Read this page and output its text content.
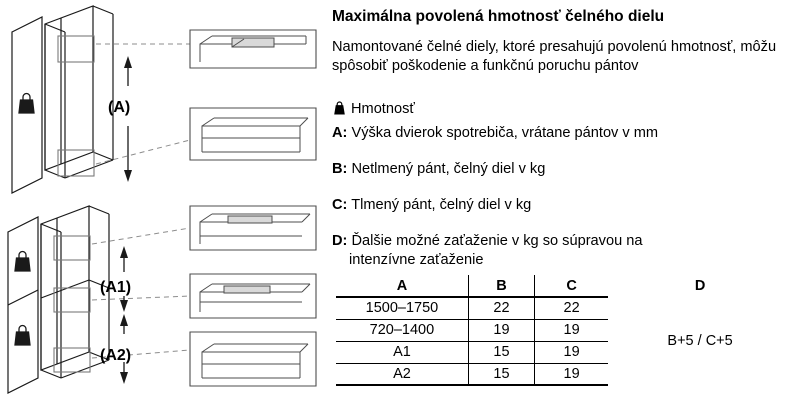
(A)
(A1)
(A2)
Maximálna povolená hmotnosť čelného dielu
Namontované čelné diely, ktoré presahujú povolenú hmotnosť, môžu spôsobiť poškodenie a funkčnú poruchu pántov
Hmotnosť
A: Výška dvierok spotrebiča, vrátane pántov v mm
B: Netlmený pánt, čelný diel v kg
C: Tlmený pánt, čelný diel v kg
D: Ďalšie možné zaťaženie v kg so súpravou na
intenzívne zaťaženie
A	B	C	D
1500–1750	22	22	B+5 / C+5
720–1400	19	19	
A1	15	19	
A2	15	19	
